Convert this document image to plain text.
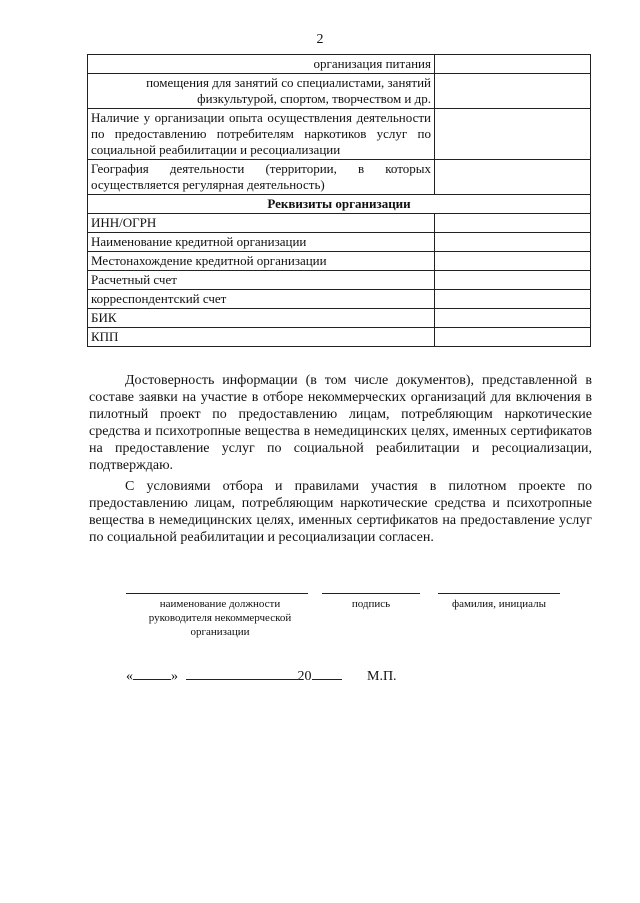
2
организация питания	
помещения для занятий со специалистами, занятий физкультурой, спортом, творчеством и др.	
Наличие у организации опыта осуществления деятельности по предоставлению потребителям наркотиков услуг по социальной реабилитации и ресоциализации	
География деятельности (территории, в которых осуществляется регулярная деятельность)	
Реквизиты организации	
ИНН/ОГРН	
Наименование кредитной организации	
Местонахождение кредитной организации	
Расчетный счет	
корреспондентский счет	
БИК	
КПП	

Достоверность информации (в том числе документов), представленной в составе заявки на участие в отборе некоммерческих организаций для включения в пилотный проект по предоставлению лицам, потребляющим наркотические средства и психотропные вещества в немедицинских целях, именных сертификатов на предоставление услуг по социальной реабилитации и ресоциализации, подтверждаю.

С условиями отбора и правилами участия в пилотном проекте по предоставлению лицам, потребляющим наркотические средства и психотропные вещества в немедицинских целях, именных сертификатов на предоставление услуг по социальной реабилитации и ресоциализации согласен.

наименование должности руководителя некоммерческой организации
подпись	фамилия, инициалы
«	»	20	М.П.
